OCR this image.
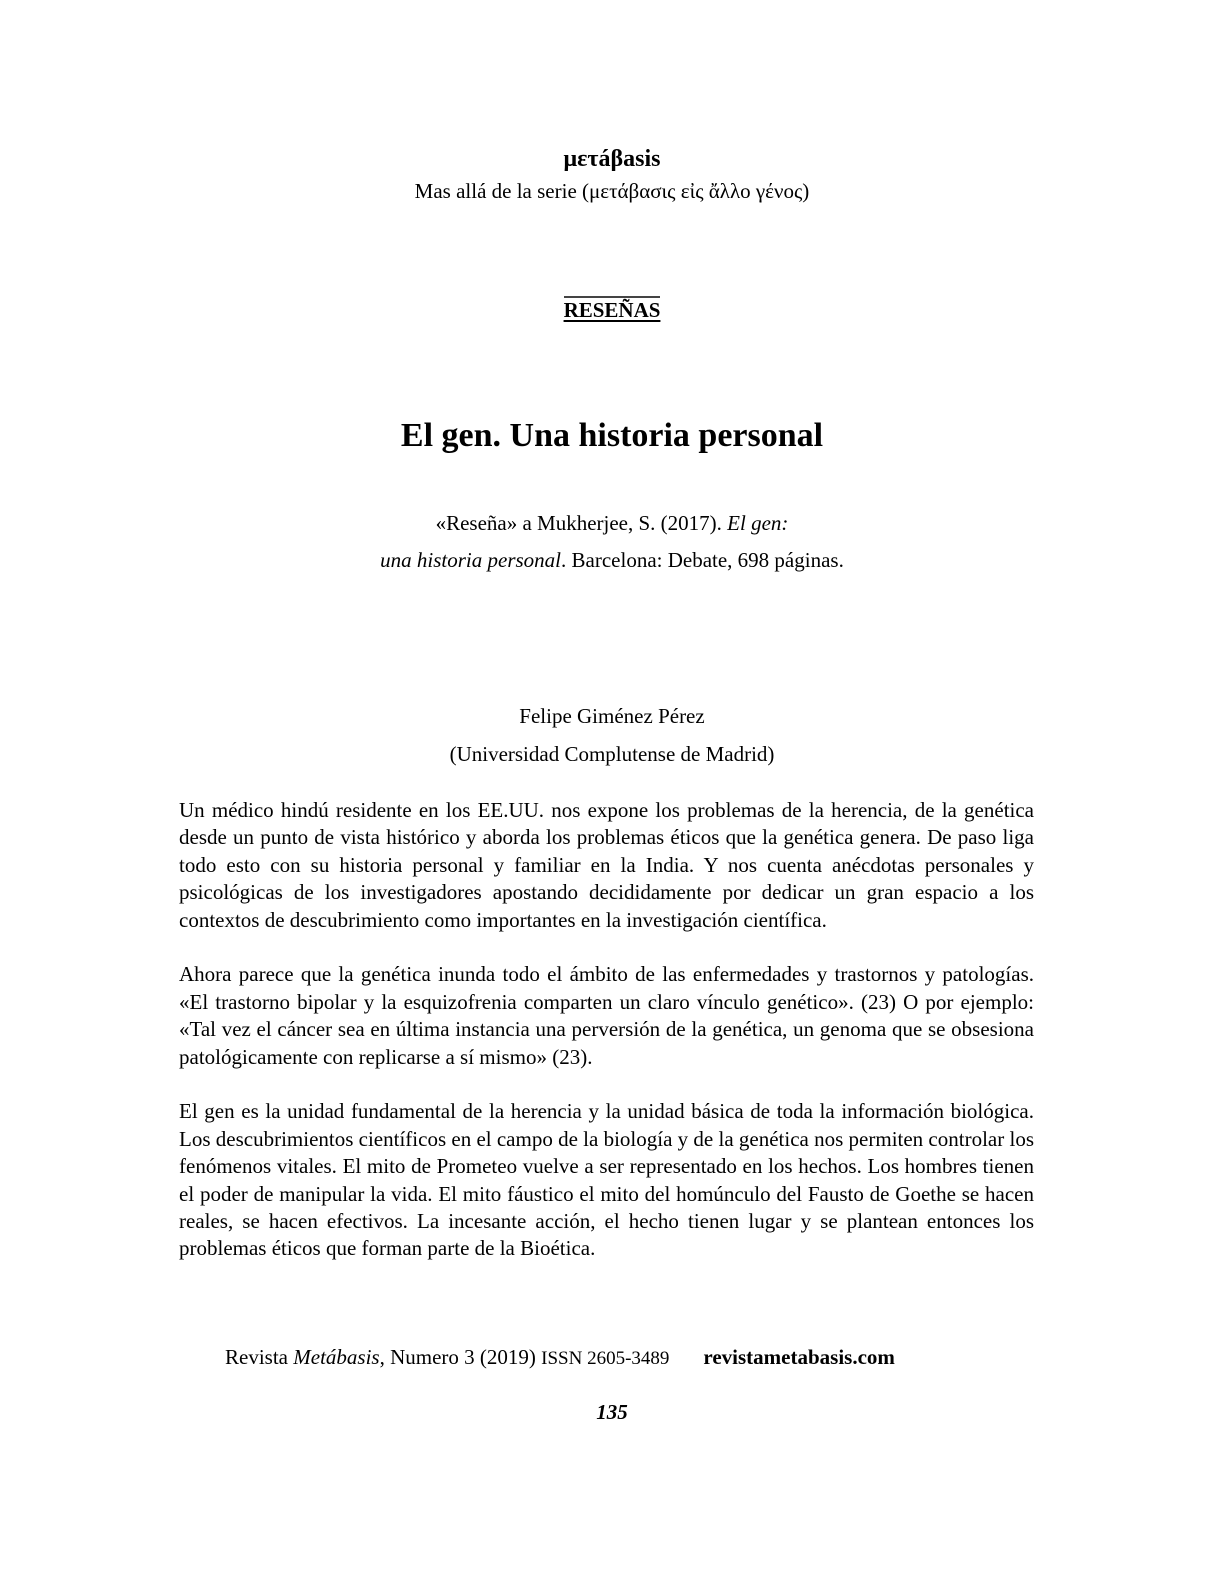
μετáβasis
Mas allá de la serie (μετάβασις εἰς ἄλλο γένος)
RESEÑAS
El gen. Una historia personal
«Reseña» a Mukherjee, S. (2017). El gen:
una historia personal. Barcelona: Debate, 698 páginas.
Felipe Giménez Pérez
(Universidad Complutense de Madrid)

Un médico hindú residente en los EE.UU. nos expone los problemas de la herencia, de la genética desde un punto de vista histórico y aborda los problemas éticos que la genética genera. De paso liga todo esto con su historia personal y familiar en la India. Y nos cuenta anécdotas personales y psicológicas de los investigadores apostando decididamente por dedicar un gran espacio a los contextos de descubrimiento como importantes en la investigación científica.

Ahora parece que la genética inunda todo el ámbito de las enfermedades y trastornos y patologías. «El trastorno bipolar y la esquizofrenia comparten un claro vínculo genético». (23) O por ejemplo: «Tal vez el cáncer sea en última instancia una perversión de la genética, un genoma que se obsesiona patológicamente con replicarse a sí mismo» (23).

El gen es la unidad fundamental de la herencia y la unidad básica de toda la información biológica. Los descubrimientos científicos en el campo de la biología y de la genética nos permiten controlar los fenómenos vitales. El mito de Prometeo vuelve a ser representado en los hechos. Los hombres tienen el poder de manipular la vida. El mito fáustico el mito del homúnculo del Fausto de Goethe se hacen reales, se hacen efectivos. La incesante acción, el hecho tienen lugar y se plantean entonces los problemas éticos que forman parte de la Bioética.

Revista Metábasis, Numero 3 (2019) ISSN 2605-3489 revistametabasis.com
135
